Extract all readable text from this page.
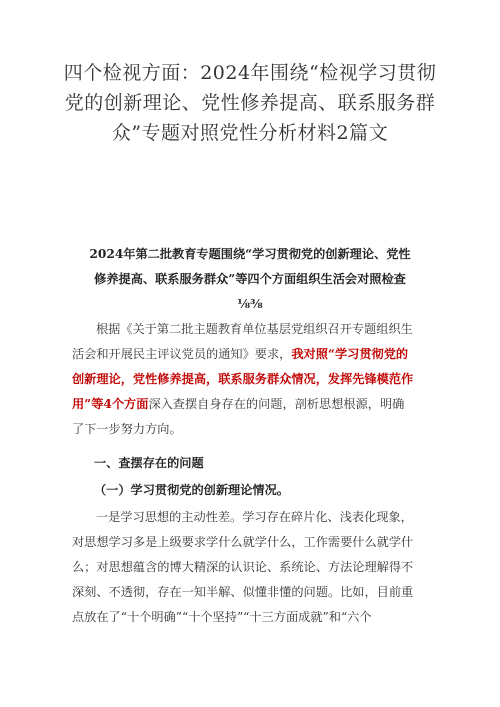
四个检视方面：2024年围绕“检视学习贯彻
党的创新理论、党性修养提高、联系服务群
众”专题对照党性分析材料2篇文
2024年第二批教育专题围绕“学习贯彻党的创新理论、党性
修养提高、联系服务群众”等四个方面组织生活会对照检查
⅛⅜
根据《关于第二批主题教育单位基层党组织召开专题组织生
活会和开展民主评议党员的通知》要求，我对照“学习贯彻党的
创新理论，党性修养提高，联系服务群众情况，发挥先锋模范作
用”等4个方面深入查摆自身存在的问题，剖析思想根源，明确
了下一步努力方向。
一、查摆存在的问题
（一）学习贯彻党的创新理论情况。
一是学习思想的主动性差。学习存在碎片化、浅表化现象，
对思想学习多是上级要求学什么就学什么，工作需要什么就学什
么；对思想蕴含的博大精深的认识论、系统论、方法论理解得不
深刻、不透彻，存在一知半解、似懂非懂的问题。比如，目前重
点放在了“十个明确”“十个坚持”“十三方面成就”和“六个
